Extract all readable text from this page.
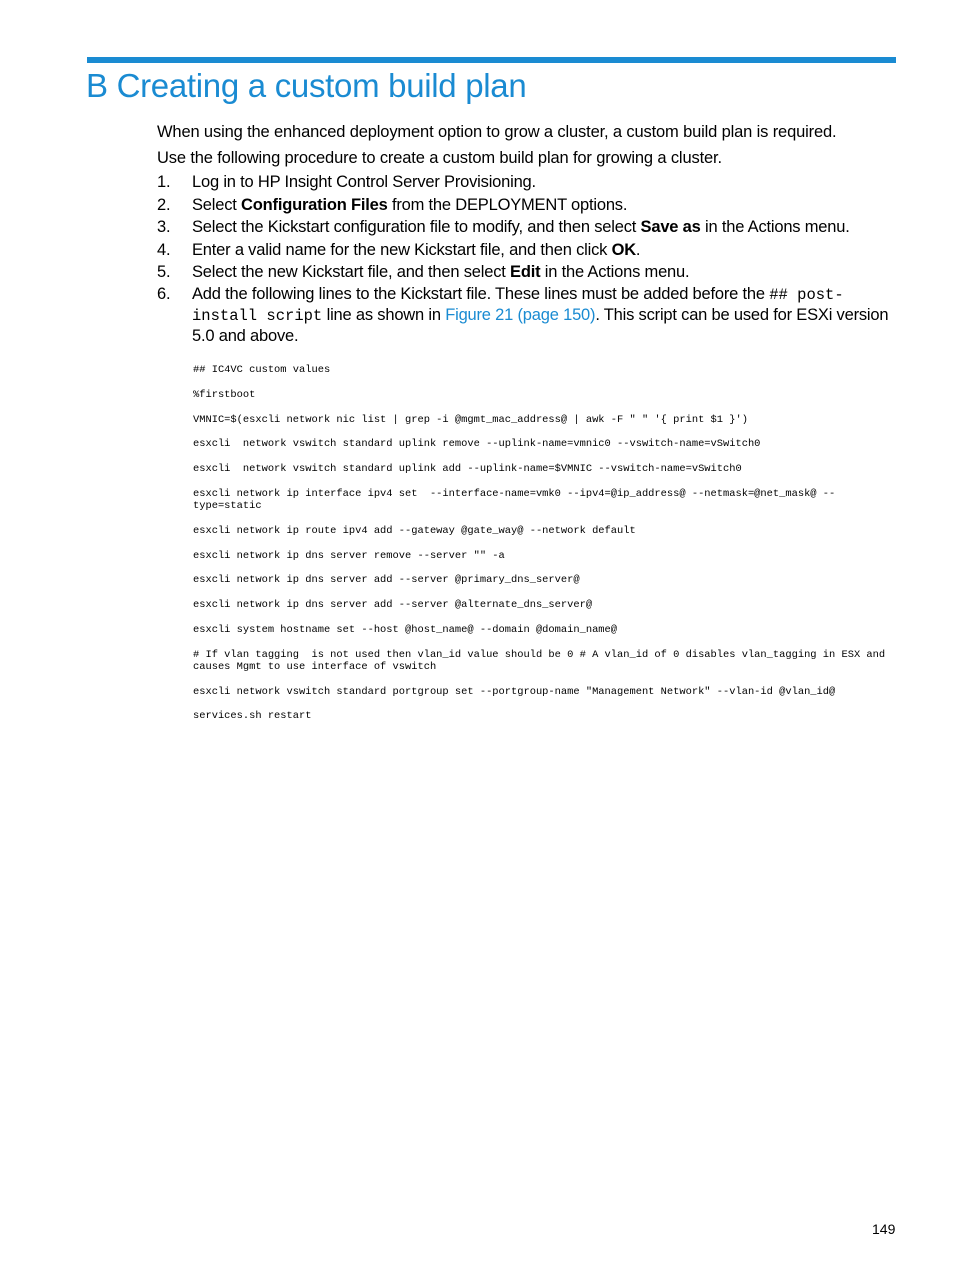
B Creating a custom build plan

When using the enhanced deployment option to grow a cluster, a custom build plan is required.

Use the following procedure to create a custom build plan for growing a cluster.

1. Log in to HP Insight Control Server Provisioning.
2. Select Configuration Files from the DEPLOYMENT options.
3. Select the Kickstart configuration file to modify, and then select Save as in the Actions menu.
4. Enter a valid name for the new Kickstart file, and then click OK.
5. Select the new Kickstart file, and then select Edit in the Actions menu.
6. Add the following lines to the Kickstart file. These lines must be added before the ## post-install script line as shown in Figure 21 (page 150). This script can be used for ESXi version 5.0 and above.
## IC4VC custom values
%firstboot
VMNIC=$(esxcli network nic list | grep -i @mgmt_mac_address@ | awk -F " " '{ print $1 }')
esxcli  network vswitch standard uplink remove --uplink-name=vmnic0 --vswitch-name=vSwitch0
esxcli  network vswitch standard uplink add --uplink-name=$VMNIC --vswitch-name=vSwitch0
esxcli network ip interface ipv4 set  --interface-name=vmk0 --ipv4=@ip_address@ --netmask=@net_mask@ --type=static
esxcli network ip route ipv4 add --gateway @gate_way@ --network default
esxcli network ip dns server remove --server "" -a
esxcli network ip dns server add --server @primary_dns_server@
esxcli network ip dns server add --server @alternate_dns_server@
esxcli system hostname set --host @host_name@ --domain @domain_name@
# If vlan tagging  is not used then vlan_id value should be 0 # A vlan_id of 0 disables vlan_tagging in ESX and causes Mgmt to use interface of vswitch
esxcli network vswitch standard portgroup set --portgroup-name "Management Network" --vlan-id @vlan_id@
services.sh restart
149
